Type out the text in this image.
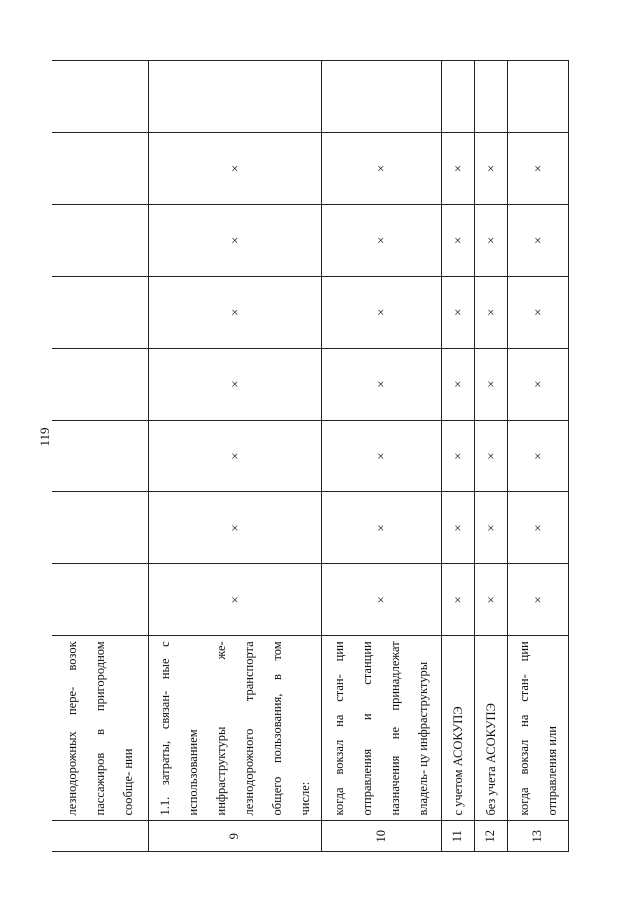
119
	лезнодорожных пере- возок пассажиров в пригородном сообще- нии								
9	1.1. затраты, связан- ные с использованием инфраструктуры же- лезнодорожного транспорта общего пользования, в том числе:	×	×	×	×	×	×	×	
10	когда вокзал на стан- ции отправления и станции назначения не принадлежат владель- цу инфраструктуры	×	×	×	×	×	×	×	
11	с учетом АСОКУПЭ	×	×	×	×	×	×	×	
12	без учета АСОКУПЭ	×	×	×	×	×	×	×	
13	когда вокзал на стан- ции отправления или	×	×	×	×	×	×	×	
